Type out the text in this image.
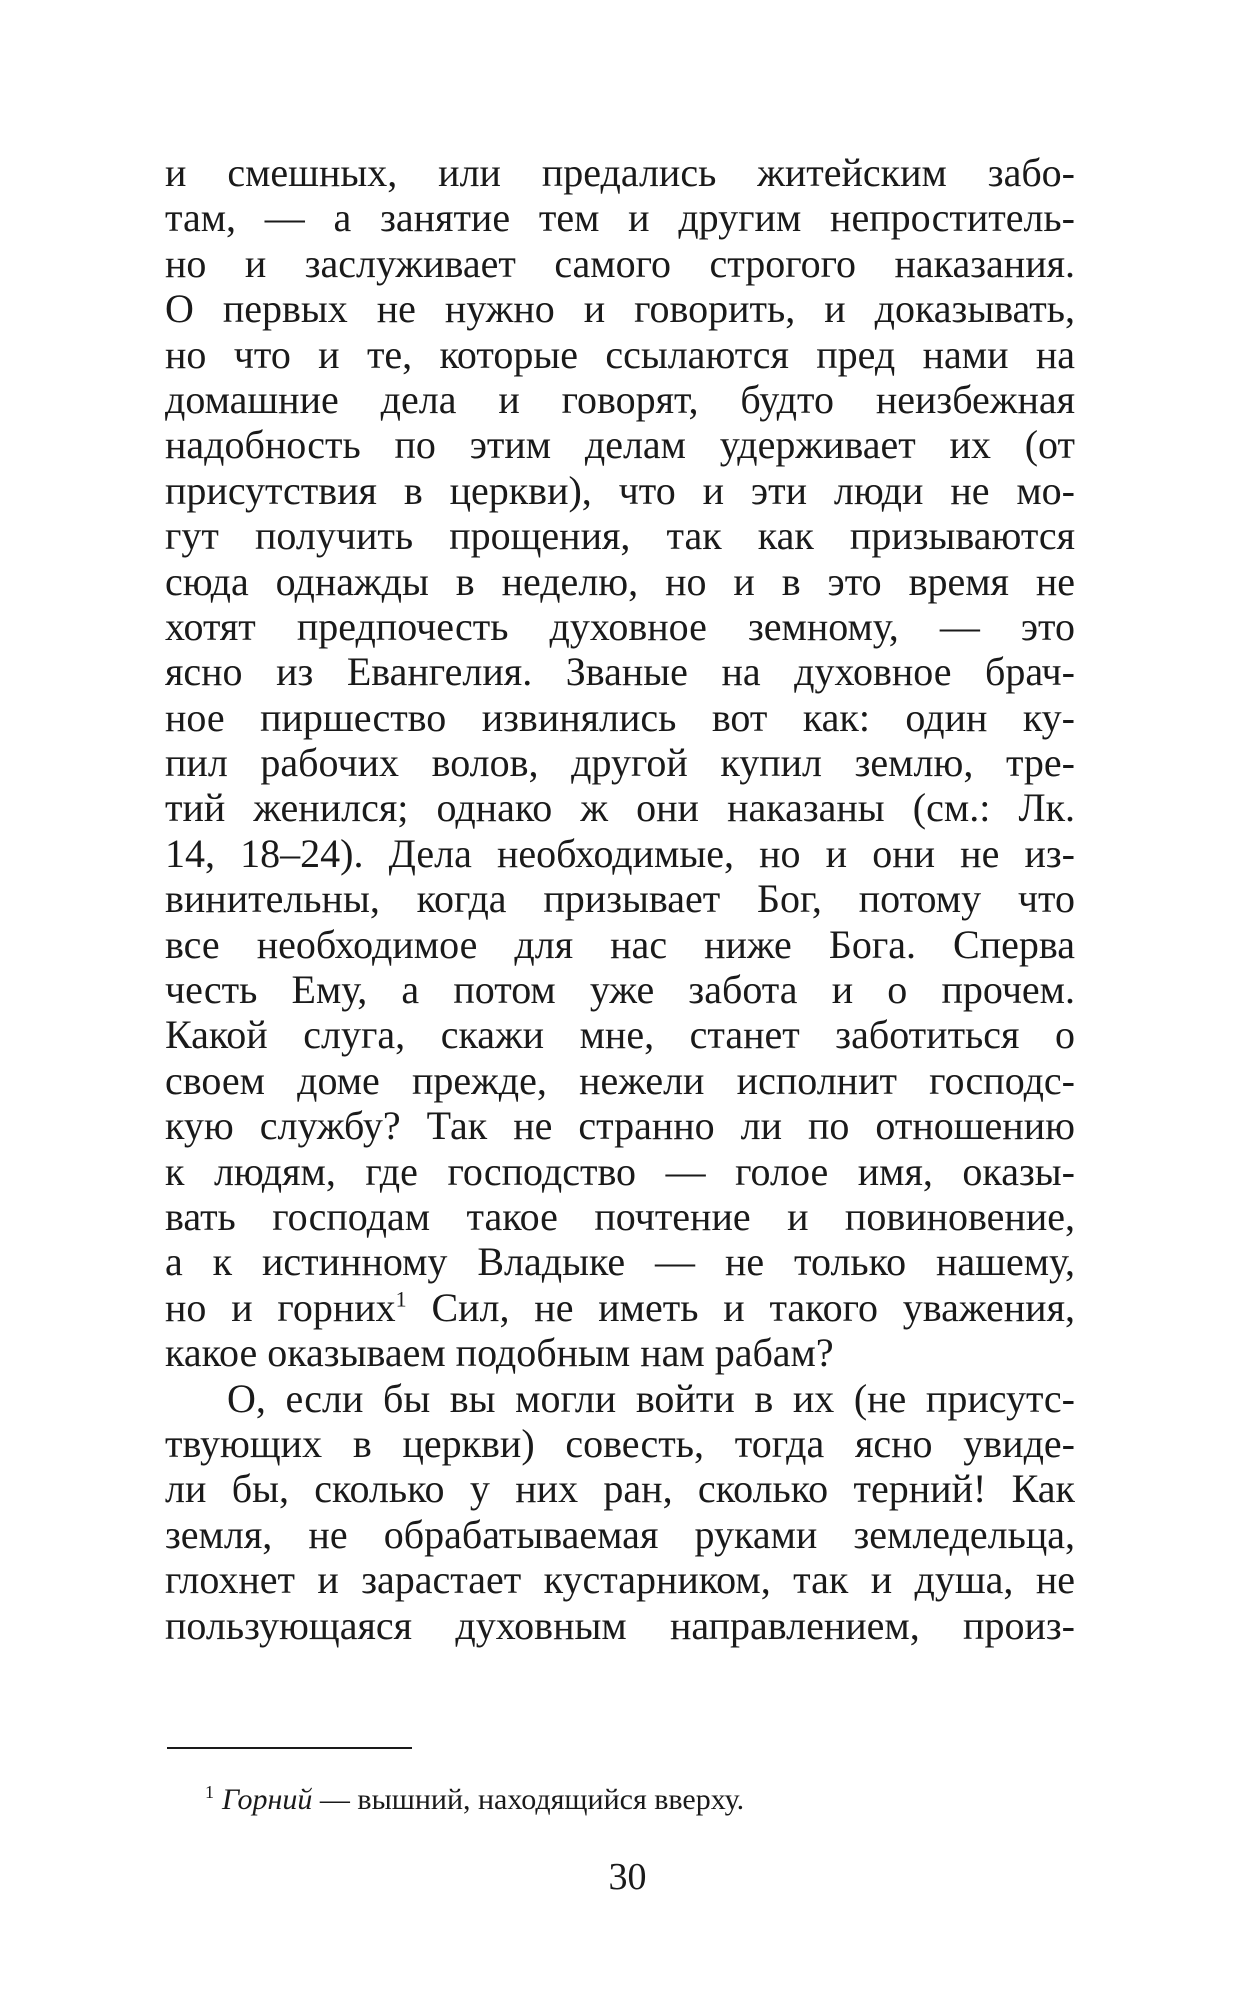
и смешных, или предались житейским забо-
там, — а занятие тем и другим непроститель-
но и заслуживает самого строгого наказания.
О первых не нужно и говорить, и доказывать,
но что и те, которые ссылаются пред нами на
домашние дела и говорят, будто неизбежная
надобность по этим делам удерживает их (от
присутствия в церкви), что и эти люди не мо-
гут получить прощения, так как призываются
сюда однажды в неделю, но и в это время не
хотят предпочесть духовное земному, — это
ясно из Евангелия. Званые на духовное брач-
ное пиршество извинялись вот как: один ку-
пил рабочих волов, другой купил землю, тре-
тий женился; однако ж они наказаны (см.: Лк.
14, 18–24). Дела необходимые, но и они не из-
винительны, когда призывает Бог, потому что
все необходимое для нас ниже Бога. Сперва
честь Ему, а потом уже забота и о прочем.
Какой слуга, скажи мне, станет заботиться о
своем доме прежде, нежели исполнит господс-
кую службу? Так не странно ли по отношению
к людям, где господство — голое имя, оказы-
вать господам такое почтение и повиновение,
а к истинному Владыке — не только нашему,
но и горних$^1$ Сил, не иметь и такого уважения,
какое оказываем подобным нам рабам?
О, если бы вы могли войти в их (не присутс-
твующих в церкви) совесть, тогда ясно увиде-
ли бы, сколько у них ран, сколько терний! Как
земля, не обрабатываемая руками земледельца,
глохнет и зарастает кустарником, так и душа, не
пользующаяся духовным направлением, произ-
$^1$ Горний — вышний, находящийся вверху.
30
